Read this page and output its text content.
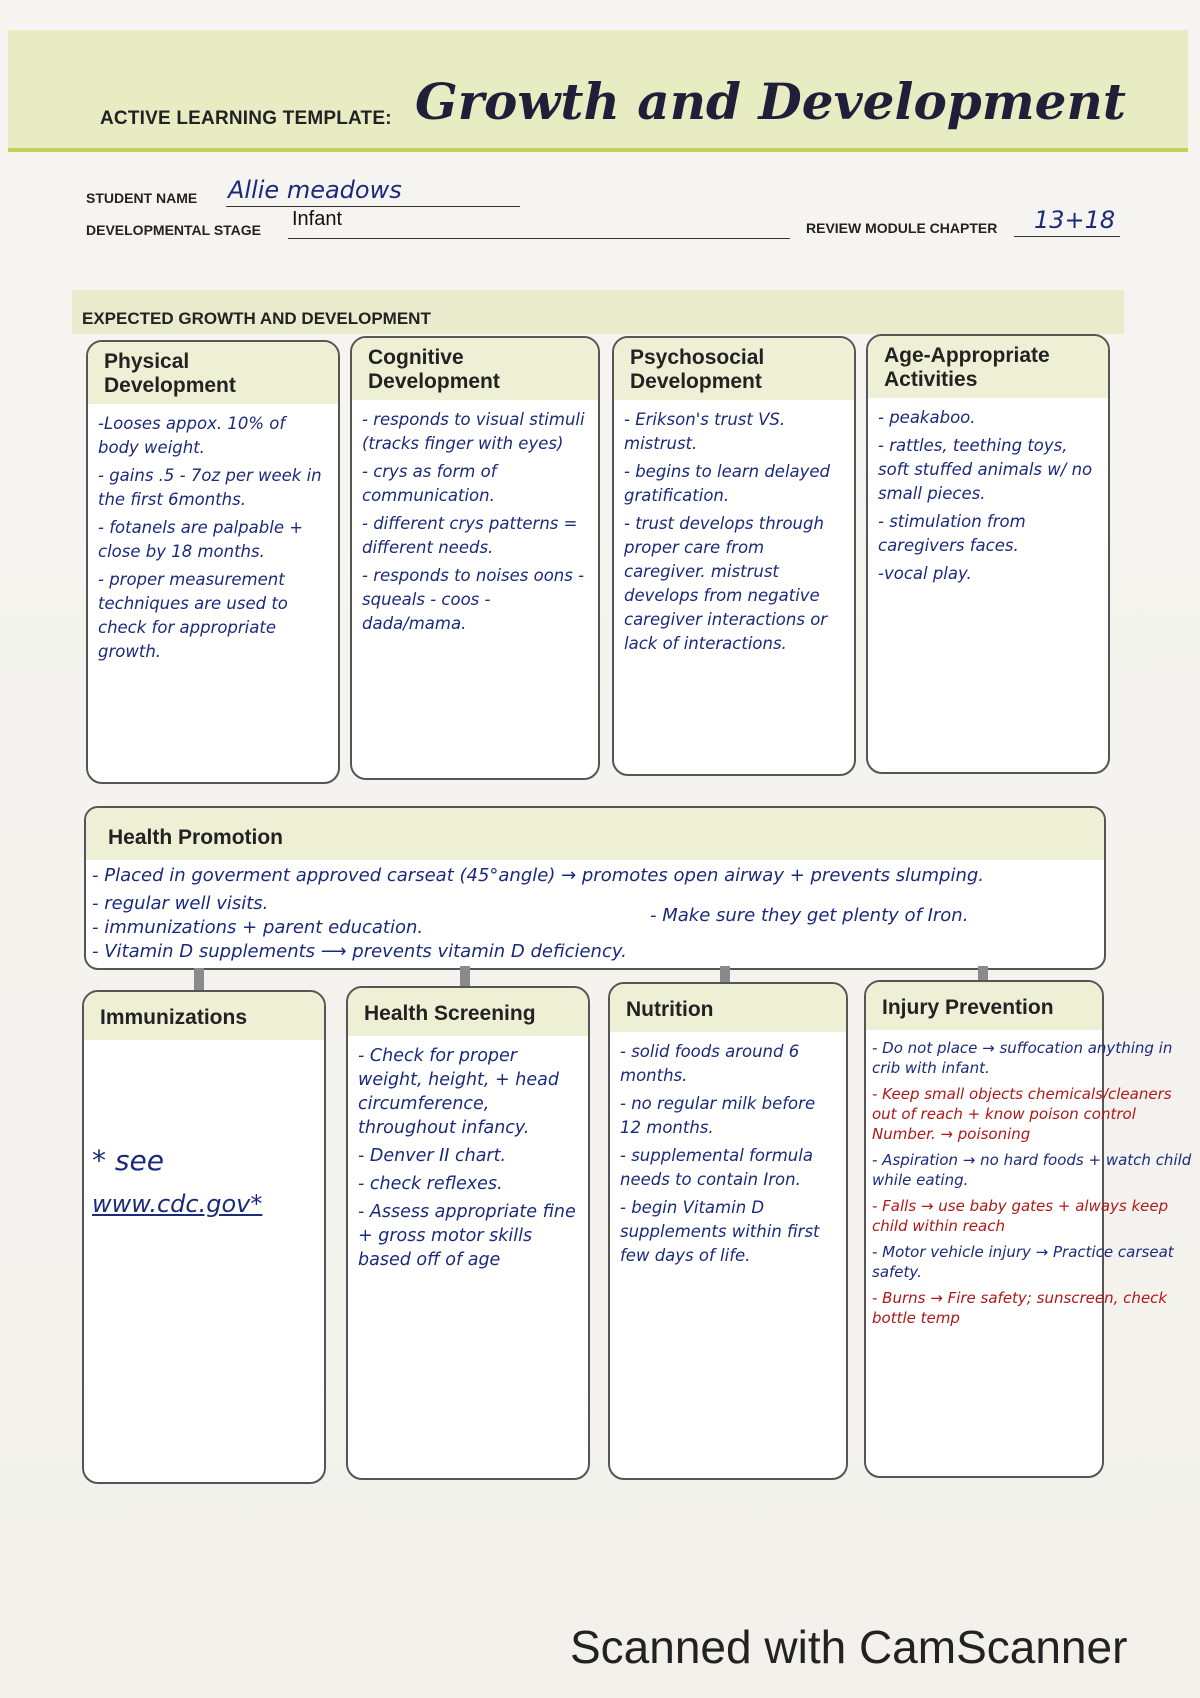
ACTIVE LEARNING TEMPLATE: Growth and Development
STUDENT NAME Allie meadows
DEVELOPMENTAL STAGE Infant	REVIEW MODULE CHAPTER 13+18
EXPECTED GROWTH AND DEVELOPMENT
Physical Development
-Looses appox. 10% of body weight.
- gains .5 - 7oz per week in the first 6months.
- fotanels are palpable + close by 18 months.
- proper measurement techniques are used to check for appropriate growth.
Cognitive Development
- responds to visual stimuli (tracks finger with eyes)
- crys as form of communication.
- different crys patterns = different needs.
- responds to noises oons - squeals - coos - dada/mama.
Psychosocial Development
- Erikson's trust VS. mistrust.
- begins to learn delayed gratification.
- trust develops through proper care from caregiver. mistrust develops from negative caregiver interactions or lack of interactions.
Age-Appropriate Activities
- peakaboo.
- rattles, teething toys, soft stuffed animals w/ no small pieces.
- stimulation from caregivers faces.
-vocal play.
Health Promotion
- Placed in goverment approved carseat (45°angle) → promotes open airway + prevents slumping.
- regular well visits.
- immunizations + parent education.
- Make sure they get plenty of Iron.
- Vitamin D supplements ⟶ prevents vitamin D deficiency.
Immunizations
* see
www.cdc.gov*
Health Screening
- Check for proper weight, height, + head circumference, throughout infancy.
- Denver II chart.
- check reflexes.
- Assess appropriate fine + gross motor skills based off of age
Nutrition
- solid foods around 6 months.
- no regular milk before 12 months.
- supplemental formula needs to contain Iron.
- begin Vitamin D supplements within first few days of life.
Injury Prevention
- Do not place → suffocation anything in crib with infant.
- Keep small objects chemicals/cleaners out of reach + know poison control Number. → poisoning
- Aspiration → no hard foods + watch child while eating.
- Falls → use baby gates + always keep child within reach
- Motor vehicle injury → Practice carseat safety.
- Burns → Fire safety; sunscreen, check bottle temp
Scanned with CamScanner
